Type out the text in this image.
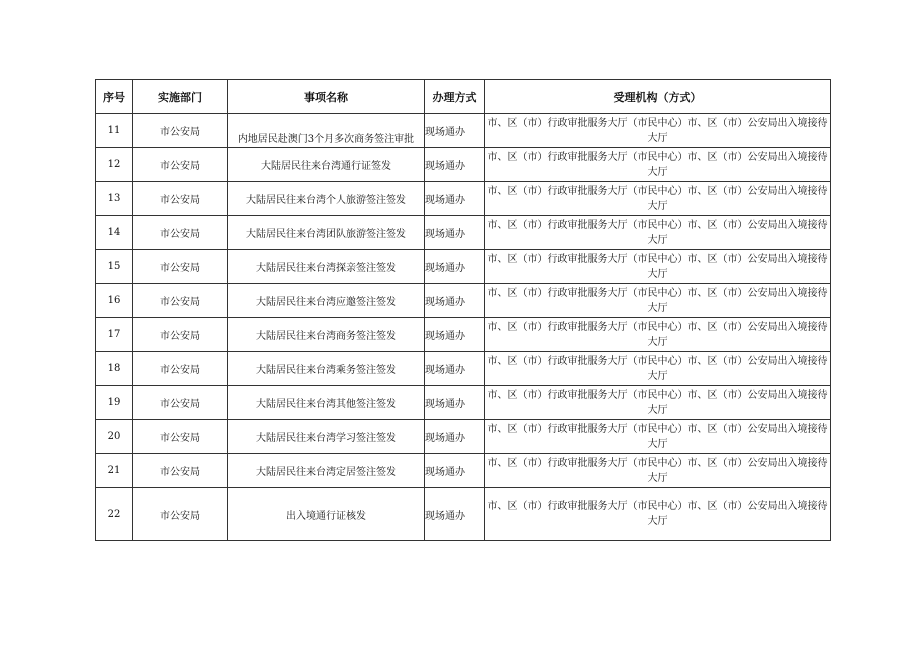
序号	实施部门	事项名称	办理方式	受理机构（方式）
11	市公安局	内地居民赴澳门3个月多次商务签注审批	现场通办	市、区（市）行政审批服务大厅（市民中心）市、区（市）公安局出入境接待大厅
12	市公安局	大陆居民往来台湾通行证签发	现场通办	市、区（市）行政审批服务大厅（市民中心）市、区（市）公安局出入境接待大厅
13	市公安局	大陆居民往来台湾个人旅游签注签发	现场通办	市、区（市）行政审批服务大厅（市民中心）市、区（市）公安局出入境接待大厅
14	市公安局	大陆居民往来台湾团队旅游签注签发	现场通办	市、区（市）行政审批服务大厅（市民中心）市、区（市）公安局出入境接待大厅
15	市公安局	大陆居民往来台湾探亲签注签发	现场通办	市、区（市）行政审批服务大厅（市民中心）市、区（市）公安局出入境接待大厅
16	市公安局	大陆居民往来台湾应邀签注签发	现场通办	市、区（市）行政审批服务大厅（市民中心）市、区（市）公安局出入境接待大厅
17	市公安局	大陆居民往来台湾商务签注签发	现场通办	市、区（市）行政审批服务大厅（市民中心）市、区（市）公安局出入境接待大厅
18	市公安局	大陆居民往来台湾乘务签注签发	现场通办	市、区（市）行政审批服务大厅（市民中心）市、区（市）公安局出入境接待大厅
19	市公安局	大陆居民往来台湾其他签注签发	现场通办	市、区（市）行政审批服务大厅（市民中心）市、区（市）公安局出入境接待大厅
20	市公安局	大陆居民往来台湾学习签注签发	现场通办	市、区（市）行政审批服务大厅（市民中心）市、区（市）公安局出入境接待大厅
21	市公安局	大陆居民往来台湾定居签注签发	现场通办	市、区（市）行政审批服务大厅（市民中心）市、区（市）公安局出入境接待大厅
22	市公安局	出入境通行证核发	现场通办	市、区（市）行政审批服务大厅（市民中心）市、区（市）公安局出入境接待大厅
